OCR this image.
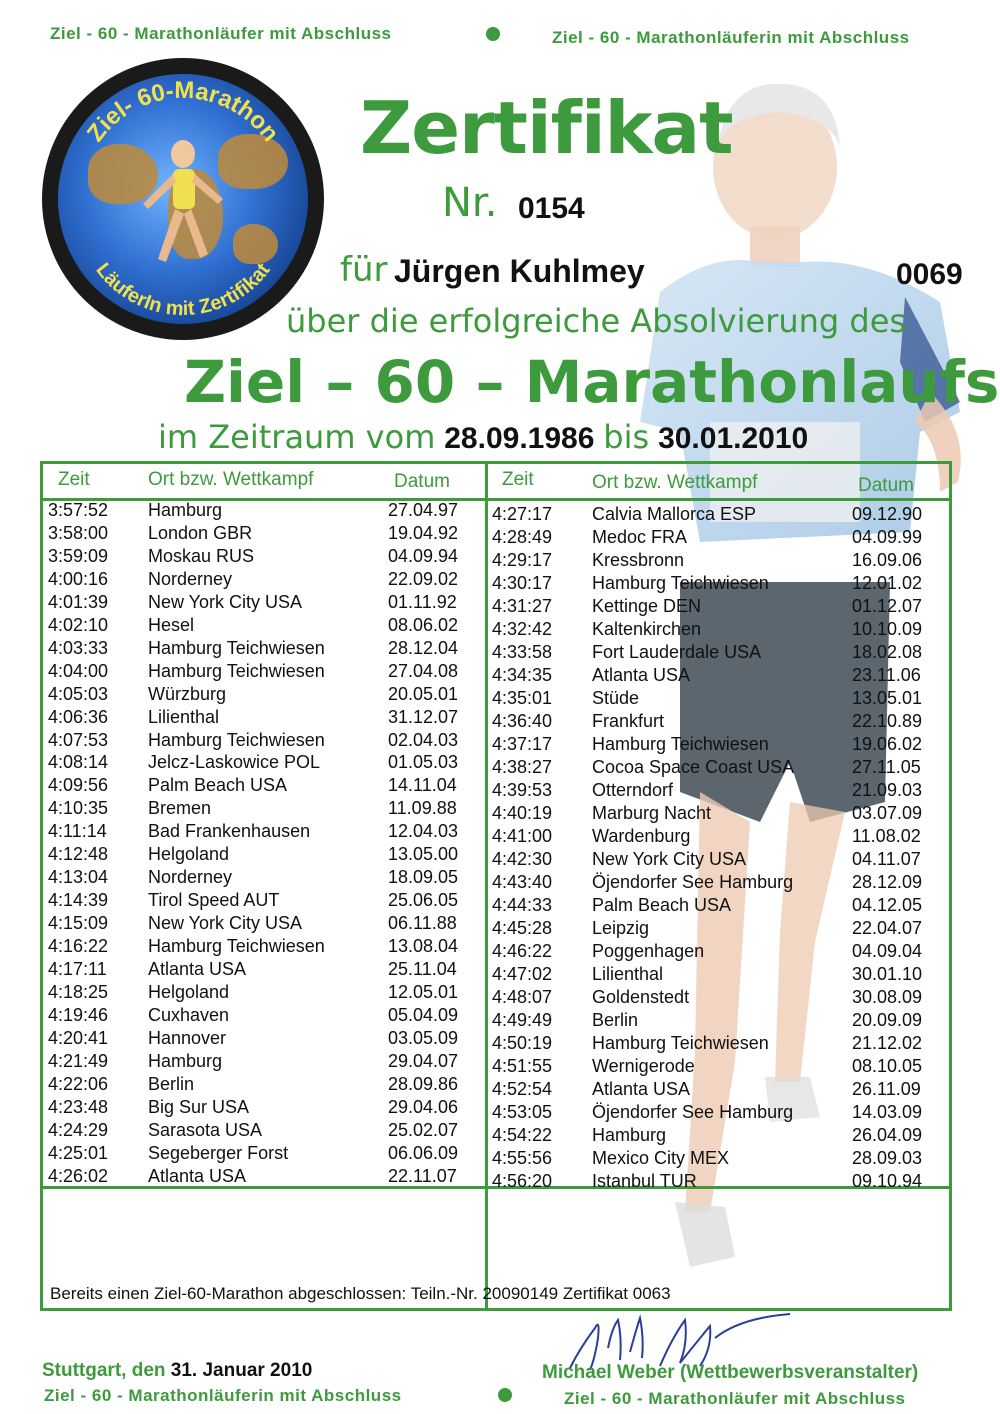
Ziel - 60 - Marathonläufer mit Abschluss	Ziel - 60 - Marathonläuferin mit Abschluss
Ziel- 60-Marathon
LäuferIn mit Zertifikat
Zertifikat
Nr. 0154
für Jürgen Kuhlmey	0069
über die erfolgreiche Absolvierung des
Ziel – 60 – Marathonlaufs
im Zeitraum vom 28.09.1986 bis 30.01.2010
Zeit	Ort bzw. Wettkampf	Datum	Zeit	Ort bzw. Wettkampf	Datum
3:57:52 Hamburg	27.04.97
3:58:00 London GBR	19.04.92
3:59:09 Moskau RUS	04.09.94
4:00:16 Norderney	22.09.02
4:01:39 New York City USA	01.11.92
4:02:10 Hesel	08.06.02
4:03:33 Hamburg Teichwiesen	28.12.04
4:04:00 Hamburg Teichwiesen	27.04.08
4:05:03 Würzburg	20.05.01
4:06:36 Lilienthal	31.12.07
4:07:53 Hamburg Teichwiesen	02.04.03
4:08:14 Jelcz-Laskowice POL	01.05.03
4:09:56 Palm Beach USA	14.11.04
4:10:35 Bremen	11.09.88
4:11:14 Bad Frankenhausen	12.04.03
4:12:48 Helgoland	13.05.00
4:13:04 Norderney	18.09.05
4:14:39 Tirol Speed AUT	25.06.05
4:15:09 New York City USA	06.11.88
4:16:22 Hamburg Teichwiesen	13.08.04
4:17:11 Atlanta USA	25.11.04
4:18:25 Helgoland	12.05.01
4:19:46 Cuxhaven	05.04.09
4:20:41 Hannover	03.05.09
4:21:49 Hamburg	29.04.07
4:22:06 Berlin	28.09.86
4:23:48 Big Sur USA	29.04.06
4:24:29 Sarasota USA	25.02.07
4:25:01 Segeberger Forst	06.06.09
4:26:02 Atlanta USA	22.11.07
4:27:17 Calvia Mallorca ESP	09.12.90
4:28:49 Medoc FRA	04.09.99
4:29:17 Kressbronn	16.09.06
4:30:17 Hamburg Teichwiesen	12.01.02
4:31:27 Kettinge DEN	01.12.07
4:32:42 Kaltenkirchen	10.10.09
4:33:58 Fort Lauderdale USA	18.02.08
4:34:35 Atlanta USA	23.11.06
4:35:01 Stüde	13.05.01
4:36:40 Frankfurt	22.10.89
4:37:17 Hamburg Teichwiesen	19.06.02
4:38:27 Cocoa Space Coast USA	27.11.05
4:39:53 Otterndorf	21.09.03
4:40:19 Marburg Nacht	03.07.09
4:41:00 Wardenburg	11.08.02
4:42:30 New York City USA	04.11.07
4:43:40 Öjendorfer See Hamburg	28.12.09
4:44:33 Palm Beach USA	04.12.05
4:45:28 Leipzig	22.04.07
4:46:22 Poggenhagen	04.09.04
4:47:02 Lilienthal	30.01.10
4:48:07 Goldenstedt	30.08.09
4:49:49 Berlin	20.09.09
4:50:19 Hamburg Teichwiesen	21.12.02
4:51:55 Wernigerode	08.10.05
4:52:54 Atlanta USA	26.11.09
4:53:05 Öjendorfer See Hamburg	14.03.09
4:54:22 Hamburg	26.04.09
4:55:56 Mexico City MEX	28.09.03
4:56:20 Istanbul TUR	09.10.94
Bereits einen Ziel-60-Marathon abgeschlossen: Teiln.-Nr. 20090149 Zertifikat 0063
Stuttgart, den 31. Januar 2010	Michael Weber (Wettbewerbsveranstalter)
Ziel - 60 - Marathonläuferin mit Abschluss	Ziel - 60 - Marathonläufer mit Abschluss
